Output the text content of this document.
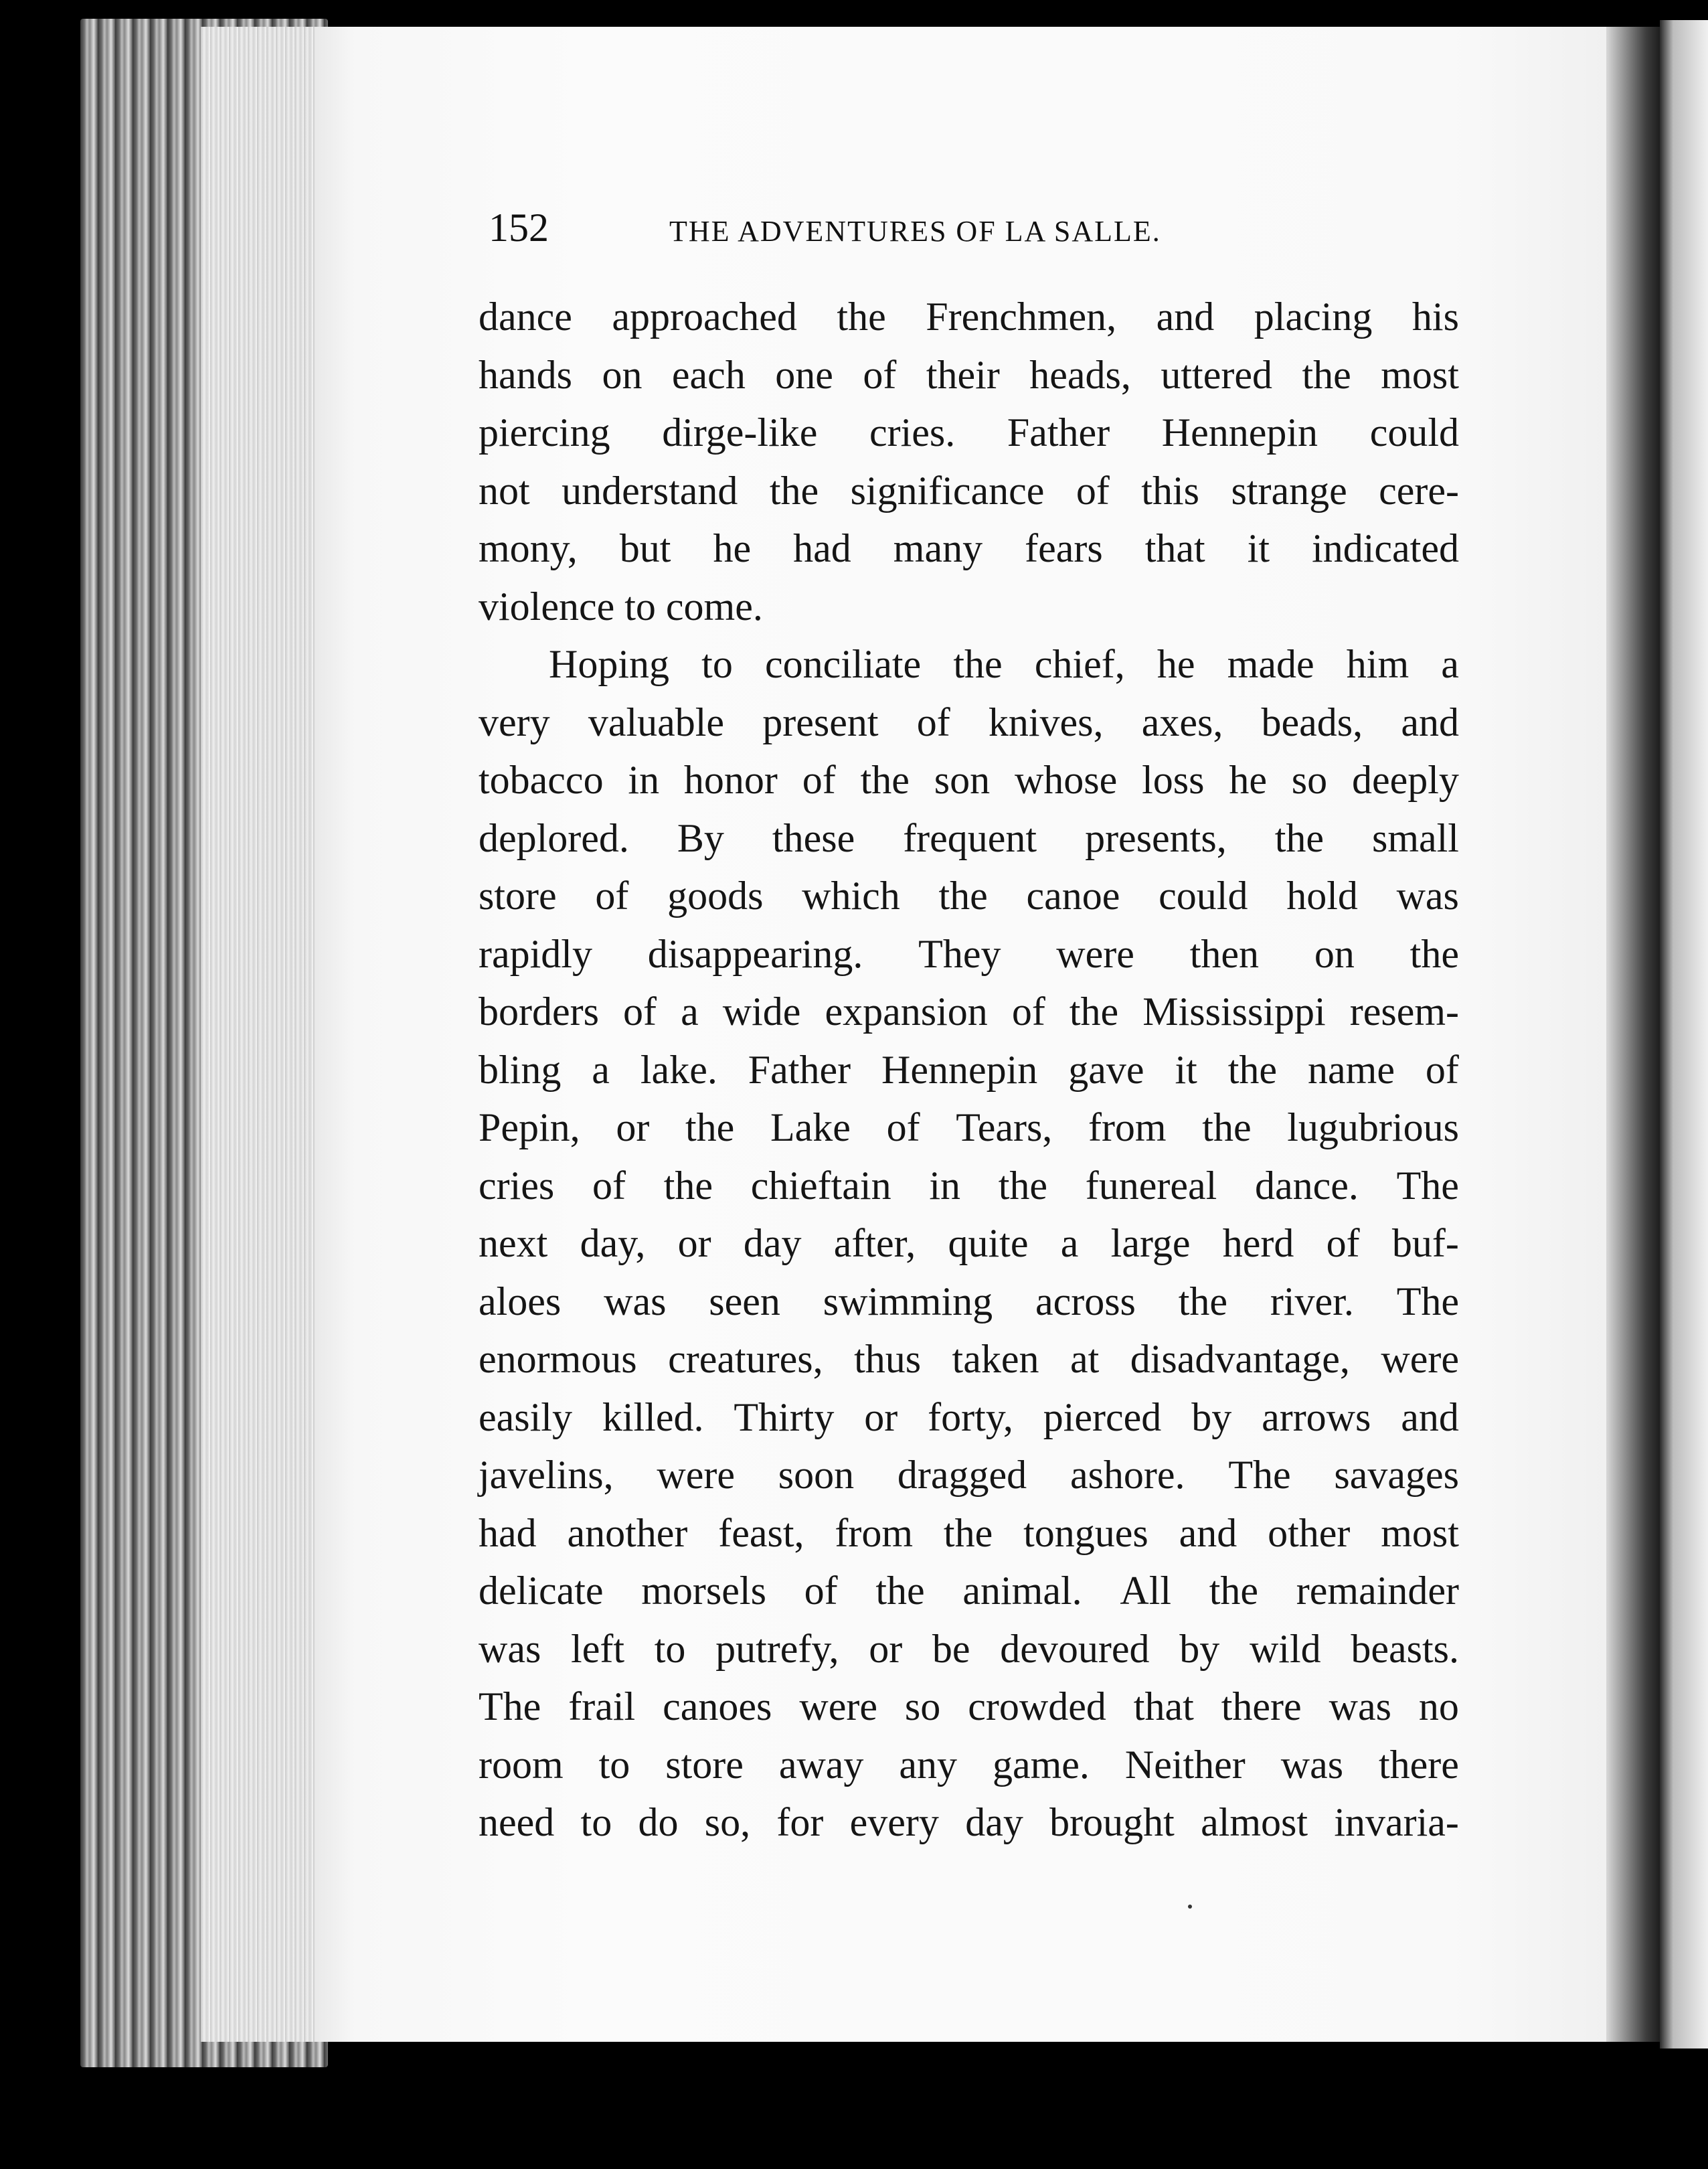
152	THE ADVENTURES OF LA SALLE.
dance approached the Frenchmen, and placing his
hands on each one of their heads, uttered the most
piercing dirge-like cries. Father Hennepin could
not understand the significance of this strange cere-
mony, but he had many fears that it indicated
violence to come.
Hoping to conciliate the chief, he made him a
very valuable present of knives, axes, beads, and
tobacco in honor of the son whose loss he so deeply
deplored. By these frequent presents, the small
store of goods which the canoe could hold was
rapidly disappearing. They were then on the
borders of a wide expansion of the Mississippi resem-
bling a lake. Father Hennepin gave it the name of
Pepin, or the Lake of Tears, from the lugubrious
cries of the chieftain in the funereal dance. The
next day, or day after, quite a large herd of buf-
aloes was seen swimming across the river. The
enormous creatures, thus taken at disadvantage, were
easily killed. Thirty or forty, pierced by arrows and
javelins, were soon dragged ashore. The savages
had another feast, from the tongues and other most
delicate morsels of the animal. All the remainder
was left to putrefy, or be devoured by wild beasts.
The frail canoes were so crowded that there was no
room to store away any game. Neither was there
need to do so, for every day brought almost invaria-
